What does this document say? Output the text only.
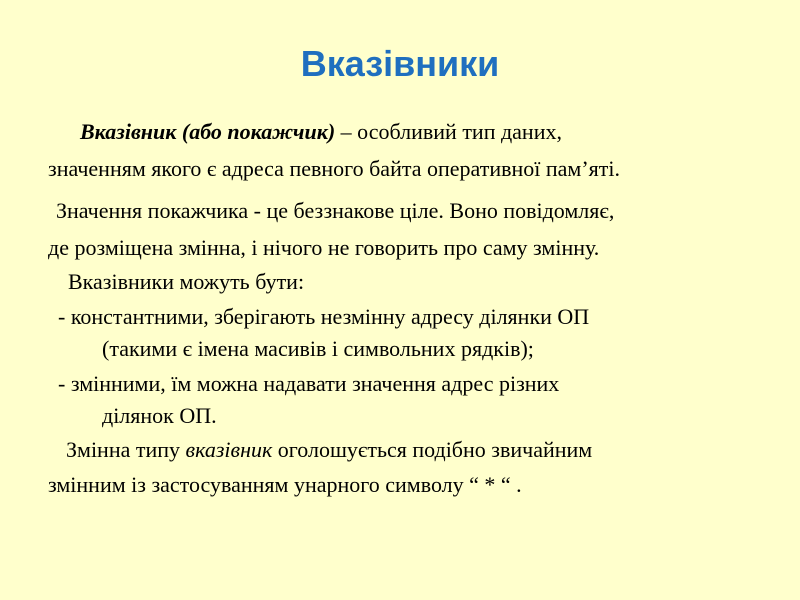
Вказівники
Вказівник (або покажчик) – особливий тип даних,
значенням якого є адреса певного байта оперативної пам’яті.
Значення покажчика - це беззнакове ціле. Воно повідомляє,
де розміщена змінна, і нічого не говорить про саму змінну.
Вказівники можуть бути:
- константними, зберігають незмінну адресу ділянки ОП
(такими є імена масивів і символьних рядків);
- змінними, їм можна надавати значення адрес різних
ділянок ОП.
Змінна типу вказівник оголошується подібно звичайним
змінним із застосуванням унарного символу “ * “ .
